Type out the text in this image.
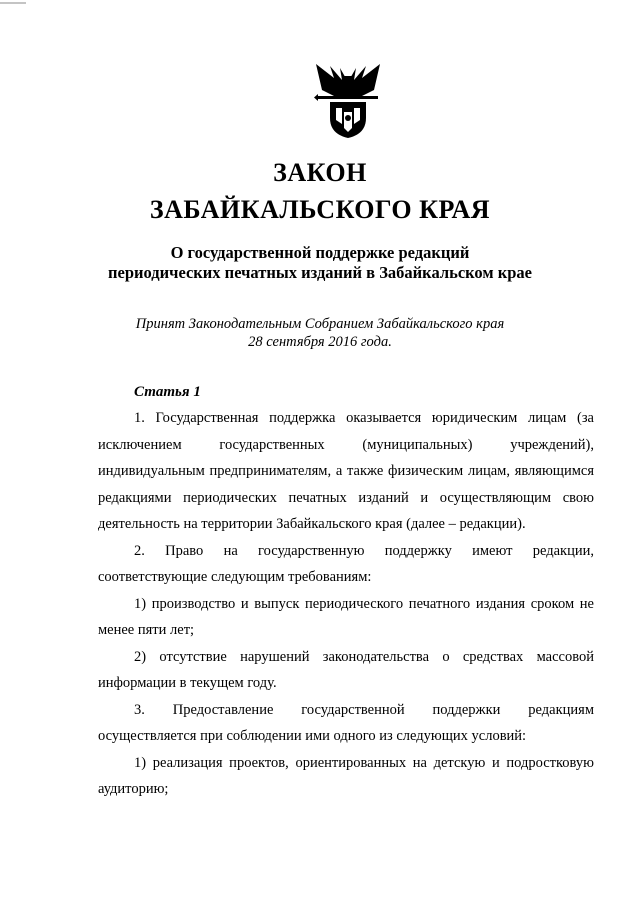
ЗАКОН
ЗАБАЙКАЛЬСКОГО КРАЯ
О государственной поддержке редакций
периодических печатных изданий в Забайкальском крае
Принят Законодательным Собранием Забайкальского края
28 сентября 2016 года.
Статья 1

1. Государственная поддержка оказывается юридическим лицам (за исключением государственных (муниципальных) учреждений), индивидуальным предпринимателям, а также физическим лицам, являющимся редакциями периодических печатных изданий и осуществляющим свою деятельность на территории Забайкальского края (далее – редакции).

2. Право на государственную поддержку имеют редакции, соответствующие следующим требованиям:

1) производство и выпуск периодического печатного издания сроком не менее пяти лет;

2) отсутствие нарушений законодательства о средствах массовой информации в текущем году.

3. Предоставление государственной поддержки редакциям осуществляется при соблюдении ими одного из следующих условий:

1) реализация проектов, ориентированных на детскую и подростковую аудиторию;
